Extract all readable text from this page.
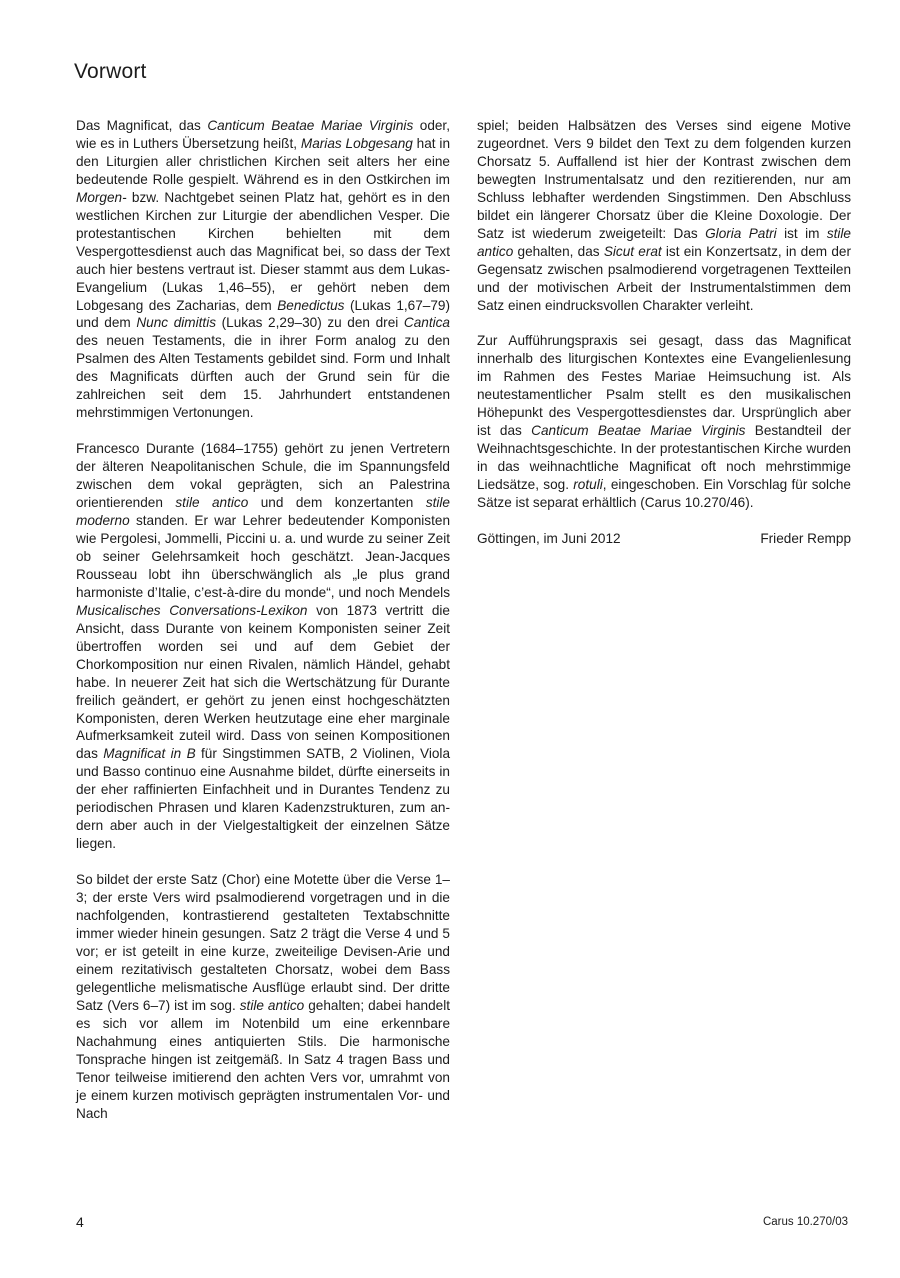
Vorwort

Das Magnificat, das Canticum Beatae Mariae Virginis oder, wie es in Luthers Übersetzung heißt, Marias Lobgesang hat in den Liturgien aller christlichen Kirchen seit alters her eine bedeutende Rolle gespielt. Während es in den Ostkirchen im Morgen- bzw. Nachtgebet seinen Platz hat, gehört es in den westlichen Kirchen zur Liturgie der abendlichen Vesper. Die protestantischen Kirchen behielten mit dem Vespergottesdienst auch das Magnificat bei, so dass der Text auch hier bestens vertraut ist. Dieser stammt aus dem Lukas-Evangelium (Lukas 1,46–55), er gehört neben dem Lobgesang des Zacharias, dem Benedictus (Lukas 1,67–79) und dem Nunc dimittis (Lukas 2,29–30) zu den drei Cantica des neuen Testaments, die in ihrer Form analog zu den Psalmen des Alten Testaments gebildet sind. Form und Inhalt des Magnificats dürften auch der Grund sein für die zahlreichen seit dem 15. Jahrhundert entstandenen mehrstimmigen Vertonungen.

Francesco Durante (1684–1755) gehört zu jenen Vertretern der älteren Neapolitanischen Schule, die im Spannungsfeld zwischen dem vokal geprägten, sich an Palestrina orientierenden stile antico und dem konzertanten stile moderno standen. Er war Lehrer bedeutender Komponisten wie Pergolesi, Jommelli, Piccini u. a. und wurde zu seiner Zeit ob seiner Gelehrsamkeit hoch geschätzt. Jean-Jacques Rousseau lobt ihn überschwänglich als „le plus grand harmoniste d’Italie, c’est-à-dire du monde“, und noch Mendels Musicalisches Conversations-Lexikon von 1873 vertritt die Ansicht, dass Durante von keinem Komponisten seiner Zeit übertroffen worden sei und auf dem Gebiet der Chorkomposition nur einen Rivalen, nämlich Händel, gehabt habe. In neuerer Zeit hat sich die Wertschätzung für Durante freilich geändert, er gehört zu jenen einst hochgeschätzten Komponisten, deren Werken heutzutage eine eher marginale Aufmerksamkeit zuteil wird. Dass von seinen Kompositionen das Magnificat in B für Singstimmen SATB, 2 Violinen, Viola und Basso continuo eine Ausnahme bildet, dürfte einerseits in der eher raffinierten Einfachheit und in Durantes Tendenz zu periodischen Phrasen und klaren Kadenzstrukturen, zum andern aber auch in der Vielgestaltigkeit der einzelnen Sätze liegen.

So bildet der erste Satz (Chor) eine Motette über die Verse 1–3; der erste Vers wird psalmodierend vorgetragen und in die nachfolgenden, kontrastierend gestalteten Textabschnitte immer wieder hinein gesungen. Satz 2 trägt die Verse 4 und 5 vor; er ist geteilt in eine kurze, zweiteilige Devisen-Arie und einem rezitativisch gestalteten Chorsatz, wobei dem Bass gelegentliche melismatische Ausflüge erlaubt sind. Der dritte Satz (Vers 6–7) ist im sog. stile antico gehalten; dabei handelt es sich vor allem im Notenbild um eine erkennbare Nachahmung eines antiquierten Stils. Die harmonische Tonsprache hingen ist zeitgemäß. In Satz 4 tragen Bass und Tenor teilweise imitierend den achten Vers vor, umrahmt von je einem kurzen motivisch geprägten instrumentalen Vor- und Nach

spiel; beiden Halbsätzen des Verses sind eigene Motive zugeordnet. Vers 9 bildet den Text zu dem folgenden kurzen Chorsatz 5. Auffallend ist hier der Kontrast zwischen dem bewegten Instrumentalsatz und den rezitierenden, nur am Schluss lebhafter werdenden Singstimmen. Den Abschluss bildet ein längerer Chorsatz über die Kleine Doxologie. Der Satz ist wiederum zweigeteilt: Das Gloria Patri ist im stile antico gehalten, das Sicut erat ist ein Konzertsatz, in dem der Gegensatz zwischen psalmodierend vorgetragenen Textteilen und der motivischen Arbeit der Instrumentalstimmen dem Satz einen eindrucksvollen Charakter verleiht.

Zur Aufführungspraxis sei gesagt, dass das Magnificat innerhalb des liturgischen Kontextes eine Evangelienlesung im Rahmen des Festes Mariae Heimsuchung ist. Als neutestamentlicher Psalm stellt es den musikalischen Höhepunkt des Vespergottesdienstes dar. Ursprünglich aber ist das Canticum Beatae Mariae Virginis Bestandteil der Weihnachtsgeschichte. In der protestantischen Kirche wurden in das weihnachtliche Magnificat oft noch mehrstimmige Liedsätze, sog. rotuli, eingeschoben. Ein Vorschlag für solche Sätze ist separat erhältlich (Carus 10.270/46).

Göttingen, im Juni 2012	Frieder Rempp
4	Carus 10.270/03
